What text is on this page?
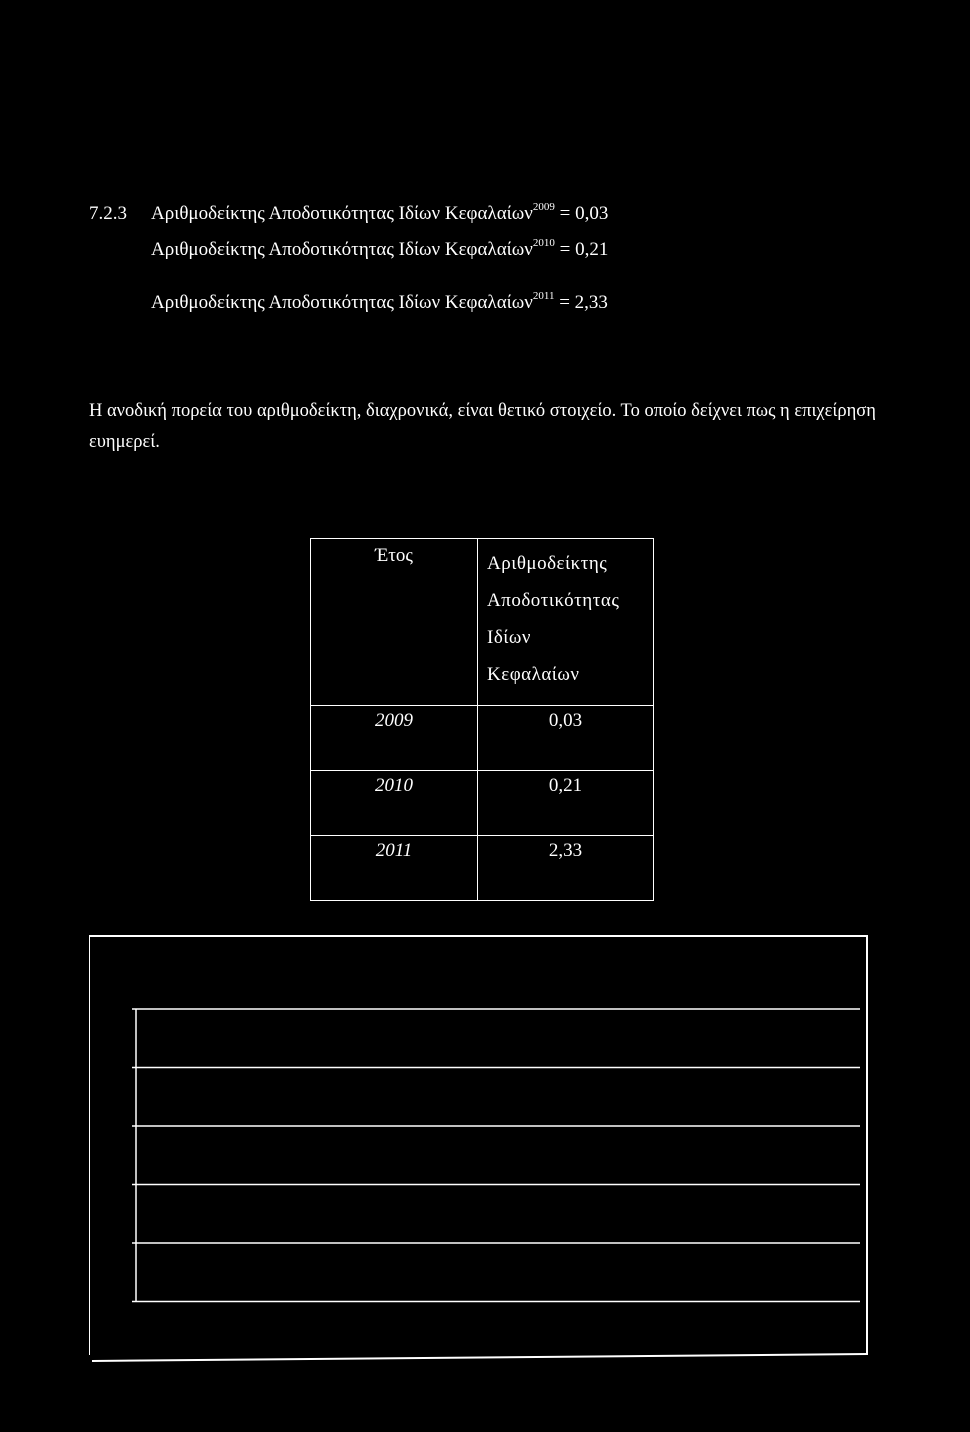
7.2.3 Αριθμοδείκτης Αποδοτικότητας Ιδίων Κεφαλαίων$^{2009}$ = 0,03
Αριθμοδείκτης Αποδοτικότητας Ιδίων Κεφαλαίων$^{2010}$ = 0,21
Αριθμοδείκτης Αποδοτικότητας Ιδίων Κεφαλαίων$^{2011}$ = 2,33
Η ανοδική πορεία του αριθμοδείκτη, διαχρονικά, είναι θετικό στοιχείο. Το οποίο δείχνει πως η επιχείρηση ευημερεί.
Έτος	Αριθμοδείκτης
Αποδοτικότητας
Ιδίων
Κεφαλαίων

2009	0,03
2010	0,21
2011	2,33
